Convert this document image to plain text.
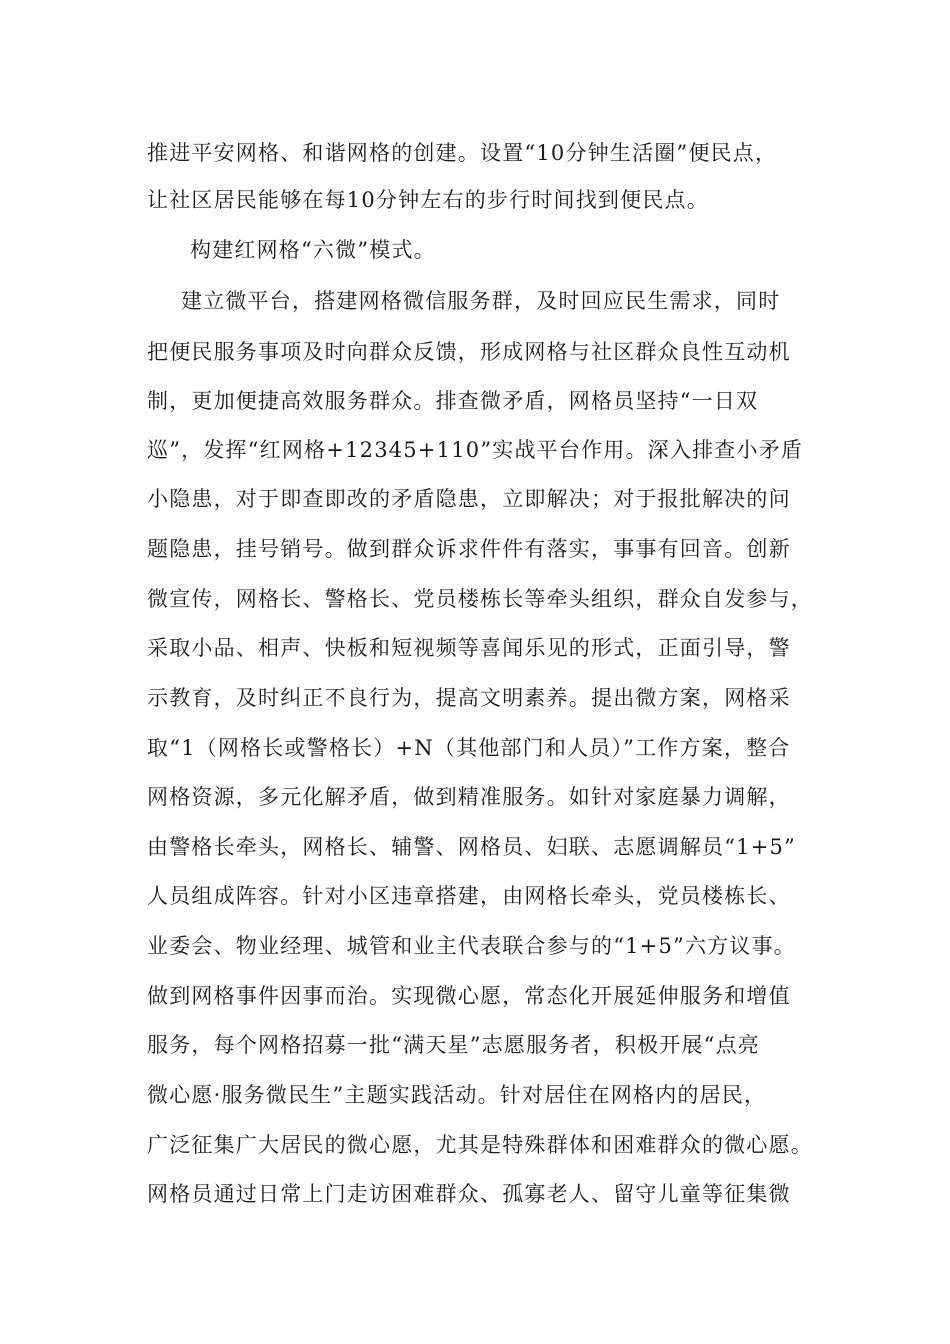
推进平安网格、和谐网格的创建。设置“10分钟生活圈”便民点，
让社区居民能够在每10分钟左右的步行时间找到便民点。
构建红网格“六微”模式。
建立微平台，搭建网格微信服务群，及时回应民生需求，同时
把便民服务事项及时向群众反馈，形成网格与社区群众良性互动机
制，更加便捷高效服务群众。排查微矛盾，网格员坚持“一日双
巡”，发挥“红网格+12345+110”实战平台作用。深入排查小矛盾
小隐患，对于即查即改的矛盾隐患，立即解决；对于报批解决的问
题隐患，挂号销号。做到群众诉求件件有落实，事事有回音。创新
微宣传，网格长、警格长、党员楼栋长等牵头组织，群众自发参与，
采取小品、相声、快板和短视频等喜闻乐见的形式，正面引导，警
示教育，及时纠正不良行为，提高文明素养。提出微方案，网格采
取“1（网格长或警格长）+N（其他部门和人员）”工作方案，整合
网格资源，多元化解矛盾，做到精准服务。如针对家庭暴力调解，
由警格长牵头，网格长、辅警、网格员、妇联、志愿调解员“1+5”
人员组成阵容。针对小区违章搭建，由网格长牵头，党员楼栋长、
业委会、物业经理、城管和业主代表联合参与的“1+5”六方议事。
做到网格事件因事而治。实现微心愿，常态化开展延伸服务和增值
服务，每个网格招募一批“满天星”志愿服务者，积极开展“点亮
微心愿·服务微民生”主题实践活动。针对居住在网格内的居民，
广泛征集广大居民的微心愿，尤其是特殊群体和困难群众的微心愿。
网格员通过日常上门走访困难群众、孤寡老人、留守儿童等征集微
